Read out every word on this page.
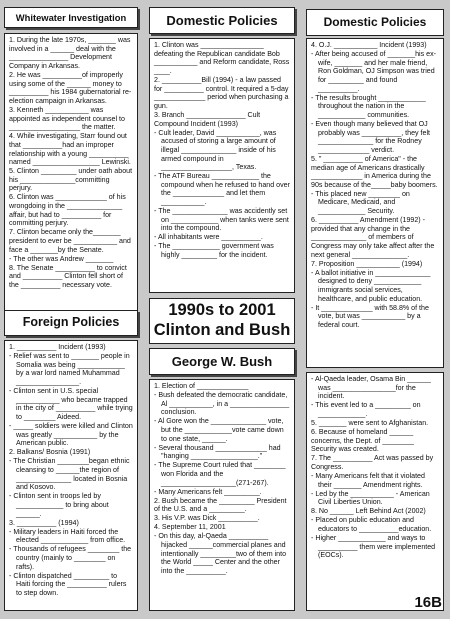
Whitewater Investigation

1. During the late 1970s, _______ was involved in a ______ deal with the _______________ Development Company in Arkansas.

2. He was __________of improperly using some of the ______ money to __________ his 1984 gubernatorial re-election campaign in Arkansas.

3. Kenneth ___________ was appointed as independent counsel to __________________ the matter.

4. While investigating, Starr found out that __________had an improper relationship with a young __________ named _________________ Lewinski.

5. Clinton _________ under oath about his ______________committing perjury.

6. Clinton was _____________ of his wrongdoing in the ______________ affair, but had to __________ for committing perjury.

7. Clinton became only the_______ president to ever be ___________ and face a _______by the Senate.

- The other was Andrew _______

8. The Senate __________ to convict and __________ Clinton fell short of the __________ necessary vote.

Domestic Policies

1. Clinton was ________________ defeating the Republican candidate Bob ___________ and Reform candidate, Ross ____.

2. __________Bill (1994) - a law passed for __________ control. It required a 5-day _____________ period when purchasing a gun.

3. Branch _______________ Cult Compound Incident (1993)

- Cult leader, David ___________, was accused of storing a large amount of illegal ______________ inside of his armed compound in __________________, Texas.

- The ATF Bureau ____________ the compound when he refused to hand over the _____________ and let them ___________.

- The ______________ was accidently set on ____________ when tanks were sent into the compound.

- All inhabitants were __________.

- The ____________ government was highly _________ for the incident.

Domestic Policies

4. O.J. ___________ Incident (1993)

- After being accused of _______his ex-wife, _______ and her male friend, Ron Goldman, OJ Simpson was tried for _________ and found __________.

- The results brought ____________ throughout the nation in the ____________ communities.

- Even though many believed that OJ probably was __________, they felt ______________ for the Rodney _____________ verdict.

5. " __________ of America" - the median age of Americans drastically _____________ in America during the 90s because of the_____baby boomers.

- This placed new ________ on Medicare, Medicaid, and ____________ Security.

6. __________ Amendment (1992) - provided that any change in the ______________ of members of Congress may only take affect after the next general ______________.

7. Proposition ___________ (1994)

- A ballot initiative in ______________ designed to deny ____________ immigrants social services, healthcare, and public education.

- It _____________ with 58.8% of the vote, but was ___________ by a federal court.

Foreign Policies

1. __________ Incident (1993)

- Relief was sent to _______ people in Somalia was being ____________ by a war lord named Muhammad ________________.

- Clinton sent in U.S. special ___________ who became trapped in the city of __________ while trying to ________ Aideed.

- _____ soldiers were killed and Clinton was greatly ___________ by the American public.

2. Balkans/ Bosnia (1991)

- The Christian ________began ethnic cleansing to ______the region of ______________ located in Bosnia and Kosovo.

- Clinton sent in troops led by ____________ to bring about ______.

3. __________ (1994)

- Military leaders in Haiti forced the elected ____________ from office.

- Thousands of refugees ________ the country (mainly to ________ on rafts).

- Clinton dispatched _________ to Haiti forcing the __________ rulers to step down.

1990s to 2001
Clinton and Bush
George W. Bush

1. Election of _____________

- Bush defeated the democratic candidate, Al ___________, in a _______________ conclusion.

- Al Gore won the ______________ vote, but the ____________vote came down to one state, ______.

- Several thousand _____________ had "hanging _________________."

- The Supreme Court ruled that ________ won Florida and the ___________________(271-267).

- Many Americans felt _________.

2. Bush became the _________ President of the U.S. and a _________.

3. His V.P. was Dick __________.

4. September 11, 2001

- On this day, al-Qaeda __________ hijacked ______commercial planes and intentionally _________two of them into the World _____ Center and the other into the __________.

- Al-Qaeda leader, Osama Bin ______ was ________________for the incident.

- This event led to a _________ on ____________.

5. _______ were sent to Afghanistan.

6. Because of homeland ______ concerns, the Dept. of ________ Security was created.

7. The __________ Act was passed by Congress.

- Many Americans felt that it violated their _______ Amendment rights.

- Led by the ___________ - American Civil Liberties Union.

8. No ______ Left Behind Act (2002)

- Placed on public education and educators to __________education.

- Higher ____________ and ways to __________ them were implemented (EOCs).

16B
